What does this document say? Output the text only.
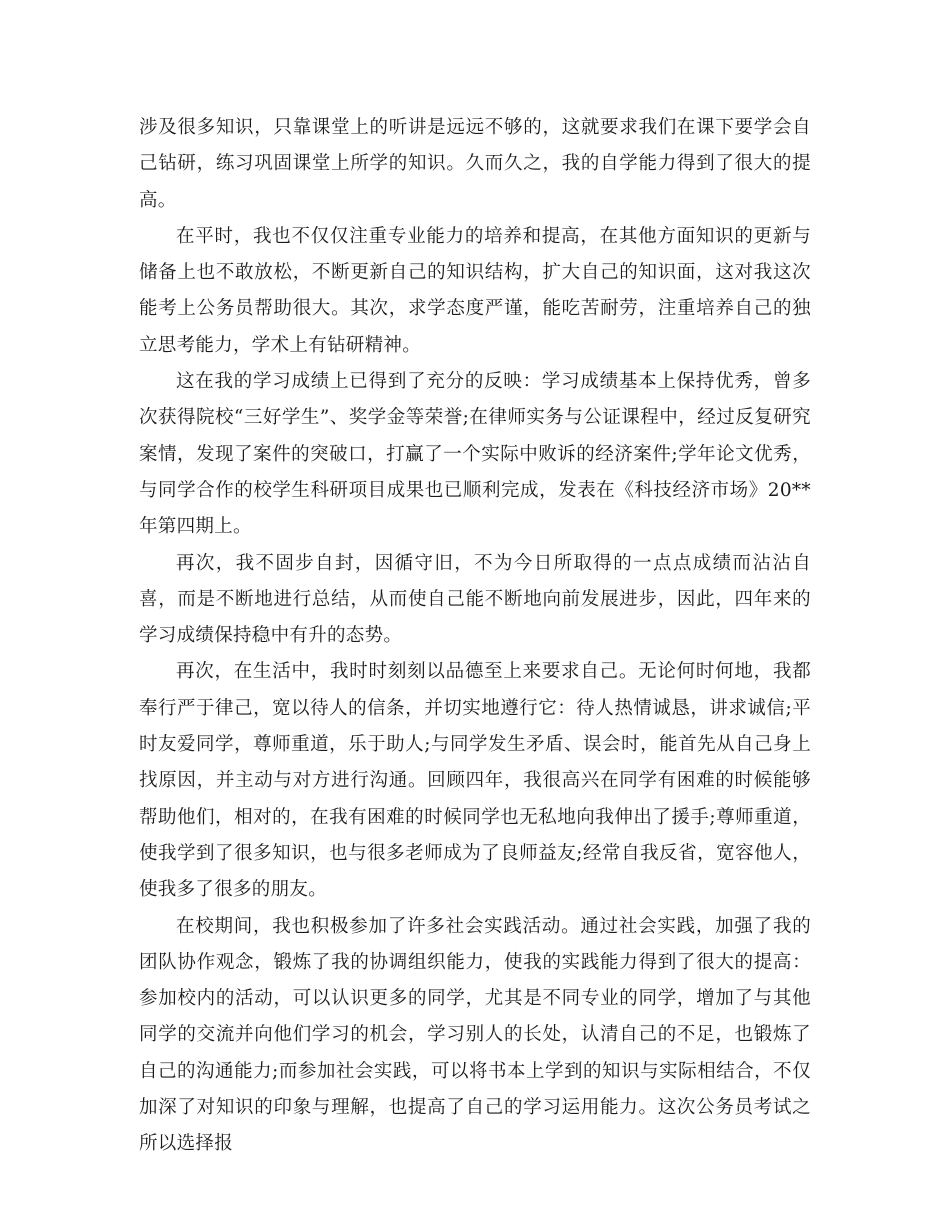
涉及很多知识，只靠课堂上的听讲是远远不够的，这就要求我们在课下要学会自己钻研，练习巩固课堂上所学的知识。久而久之，我的自学能力得到了很大的提高。

在平时，我也不仅仅注重专业能力的培养和提高，在其他方面知识的更新与储备上也不敢放松，不断更新自己的知识结构，扩大自己的知识面，这对我这次能考上公务员帮助很大。其次，求学态度严谨，能吃苦耐劳，注重培养自己的独立思考能力，学术上有钻研精神。

这在我的学习成绩上已得到了充分的反映：学习成绩基本上保持优秀，曾多次获得院校“三好学生”、奖学金等荣誉;在律师实务与公证课程中，经过反复研究案情，发现了案件的突破口，打赢了一个实际中败诉的经济案件;学年论文优秀，与同学合作的校学生科研项目成果也已顺利完成，发表在《科技经济市场》20**年第四期上。

再次，我不固步自封，因循守旧，不为今日所取得的一点点成绩而沾沾自喜，而是不断地进行总结，从而使自己能不断地向前发展进步，因此，四年来的学习成绩保持稳中有升的态势。

再次，在生活中，我时时刻刻以品德至上来要求自己。无论何时何地，我都奉行严于律己，宽以待人的信条，并切实地遵行它：待人热情诚恳，讲求诚信;平时友爱同学，尊师重道，乐于助人;与同学发生矛盾、误会时，能首先从自己身上找原因，并主动与对方进行沟通。回顾四年，我很高兴在同学有困难的时候能够帮助他们，相对的，在我有困难的时候同学也无私地向我伸出了援手;尊师重道，使我学到了很多知识，也与很多老师成为了良师益友;经常自我反省，宽容他人，使我多了很多的朋友。

在校期间，我也积极参加了许多社会实践活动。通过社会实践，加强了我的团队协作观念，锻炼了我的协调组织能力，使我的实践能力得到了很大的提高：参加校内的活动，可以认识更多的同学，尤其是不同专业的同学，增加了与其他同学的交流并向他们学习的机会，学习别人的长处，认清自己的不足，也锻炼了自己的沟通能力;而参加社会实践，可以将书本上学到的知识与实际相结合，不仅加深了对知识的印象与理解，也提高了自己的学习运用能力。这次公务员考试之所以选择报
